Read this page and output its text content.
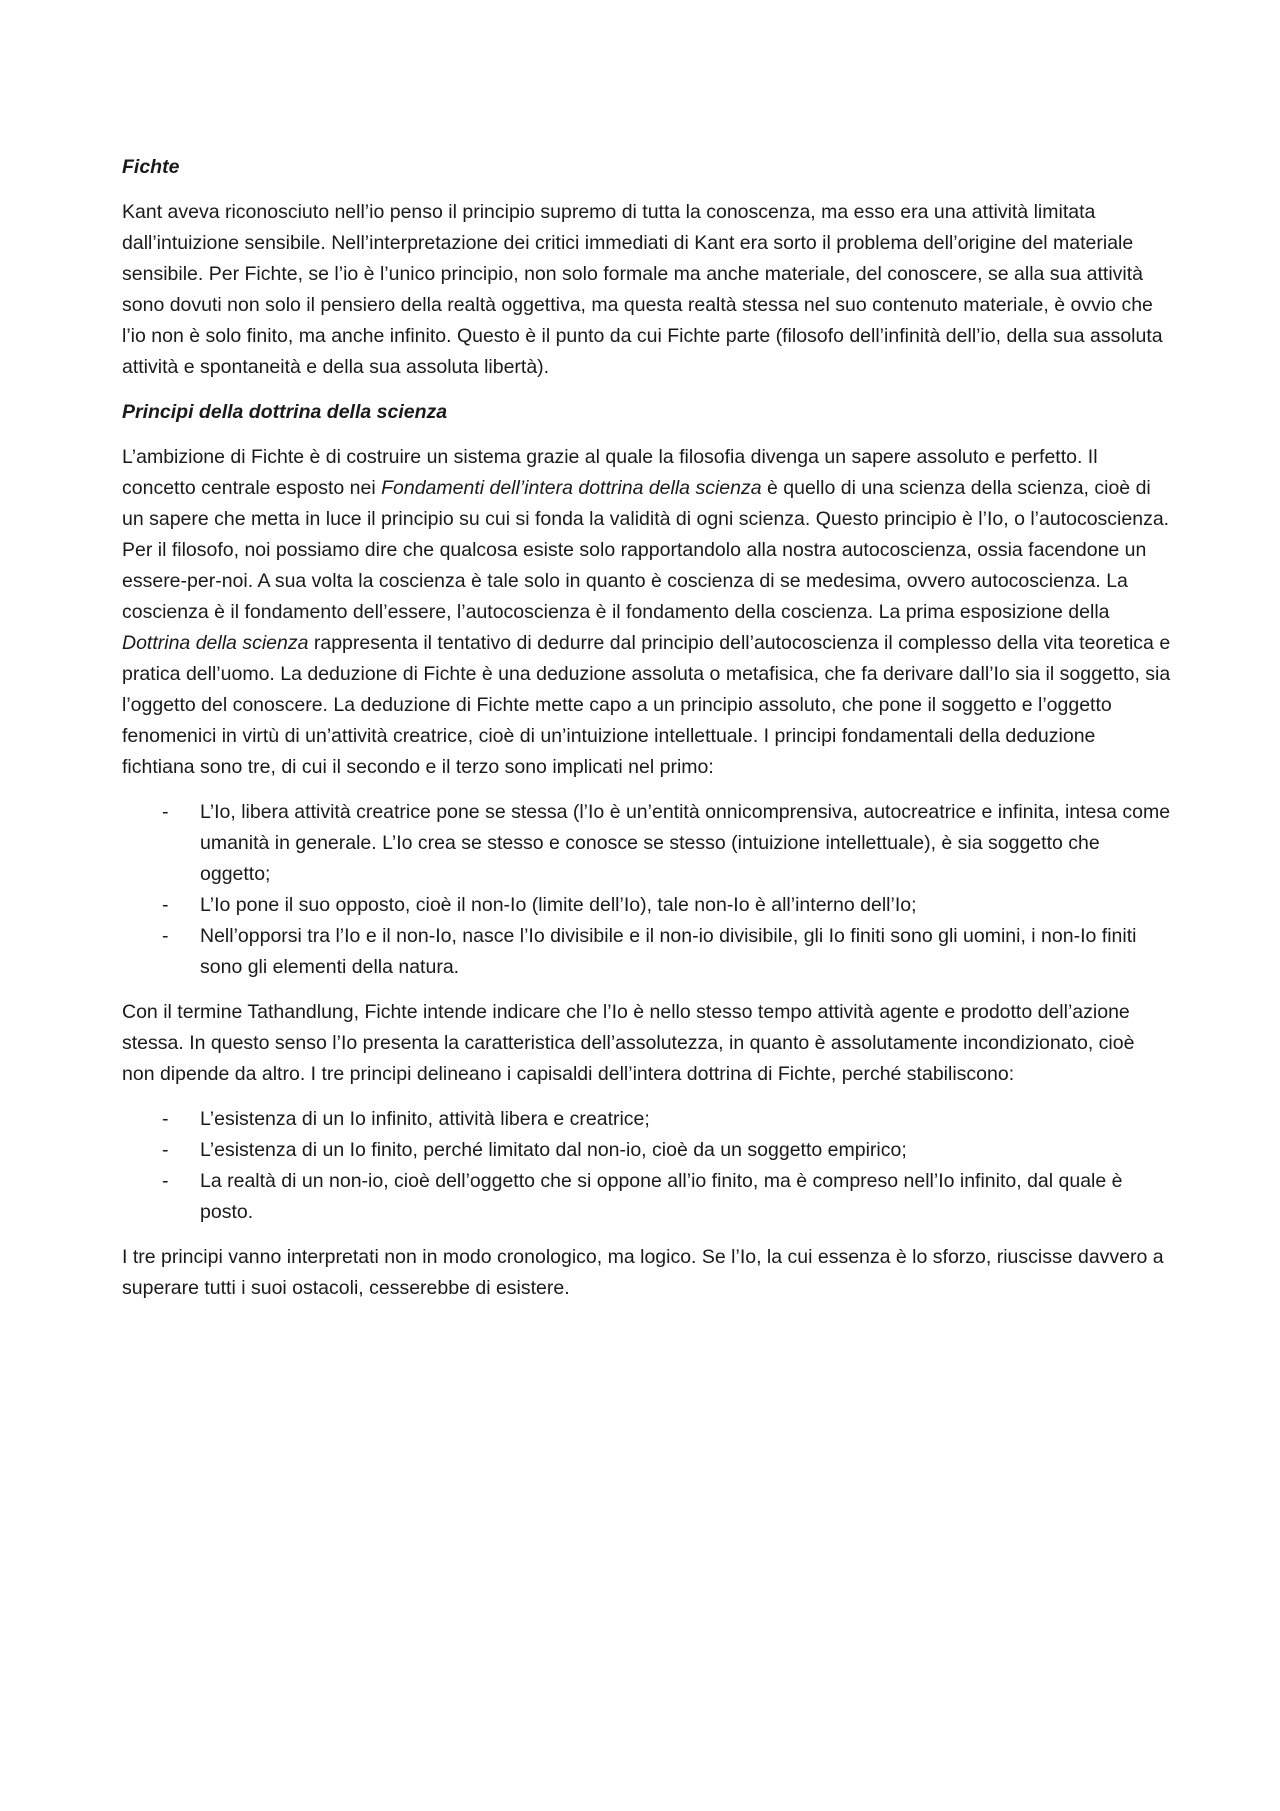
Fichte

Kant aveva riconosciuto nell’io penso il principio supremo di tutta la conoscenza, ma esso era una attività limitata dall’intuizione sensibile. Nell’interpretazione dei critici immediati di Kant era sorto il problema dell’origine del materiale sensibile. Per Fichte, se l’io è l’unico principio, non solo formale ma anche materiale, del conoscere, se alla sua attività sono dovuti non solo il pensiero della realtà oggettiva, ma questa realtà stessa nel suo contenuto materiale, è ovvio che l’io non è solo finito, ma anche infinito. Questo è il punto da cui Fichte parte (filosofo dell’infinità dell’io, della sua assoluta attività e spontaneità e della sua assoluta libertà).

Principi della dottrina della scienza

L’ambizione di Fichte è di costruire un sistema grazie al quale la filosofia divenga un sapere assoluto e perfetto. Il concetto centrale esposto nei Fondamenti dell’intera dottrina della scienza è quello di una scienza della scienza, cioè di un sapere che metta in luce il principio su cui si fonda la validità di ogni scienza. Questo principio è l’Io, o l’autocoscienza. Per il filosofo, noi possiamo dire che qualcosa esiste solo rapportandolo alla nostra autocoscienza, ossia facendone un essere-per-noi. A sua volta la coscienza è tale solo in quanto è coscienza di se medesima, ovvero autocoscienza. La coscienza è il fondamento dell’essere, l’autocoscienza è il fondamento della coscienza. La prima esposizione della Dottrina della scienza rappresenta il tentativo di dedurre dal principio dell’autocoscienza il complesso della vita teoretica e pratica dell’uomo. La deduzione di Fichte è una deduzione assoluta o metafisica, che fa derivare dall’Io sia il soggetto, sia l’oggetto del conoscere. La deduzione di Fichte mette capo a un principio assoluto, che pone il soggetto e l’oggetto fenomenici in virtù di un’attività creatrice, cioè di un’intuizione intellettuale. I principi fondamentali della deduzione fichtiana sono tre, di cui il secondo e il terzo sono implicati nel primo:

- L’Io, libera attività creatrice pone se stessa (l’Io è un’entità onnicomprensiva, autocreatrice e infinita, intesa come umanità in generale. L’Io crea se stesso e conosce se stesso (intuizione intellettuale), è sia soggetto che oggetto;
- L’Io pone il suo opposto, cioè il non-Io (limite dell’Io), tale non-Io è all’interno dell’Io;
- Nell’opporsi tra l’Io e il non-Io, nasce l’Io divisibile e il non-io divisibile, gli Io finiti sono gli uomini, i non-Io finiti sono gli elementi della natura.

Con il termine Tathandlung, Fichte intende indicare che l’Io è nello stesso tempo attività agente e prodotto dell’azione stessa. In questo senso l’Io presenta la caratteristica dell’assolutezza, in quanto è assolutamente incondizionato, cioè non dipende da altro. I tre principi delineano i capisaldi dell’intera dottrina di Fichte, perché stabiliscono:

- L’esistenza di un Io infinito, attività libera e creatrice;
- L’esistenza di un Io finito, perché limitato dal non-io, cioè da un soggetto empirico;
- La realtà di un non-io, cioè dell’oggetto che si oppone all’io finito, ma è compreso nell’Io infinito, dal quale è posto.

I tre principi vanno interpretati non in modo cronologico, ma logico. Se l’Io, la cui essenza è lo sforzo, riuscisse davvero a superare tutti i suoi ostacoli, cesserebbe di esistere.
